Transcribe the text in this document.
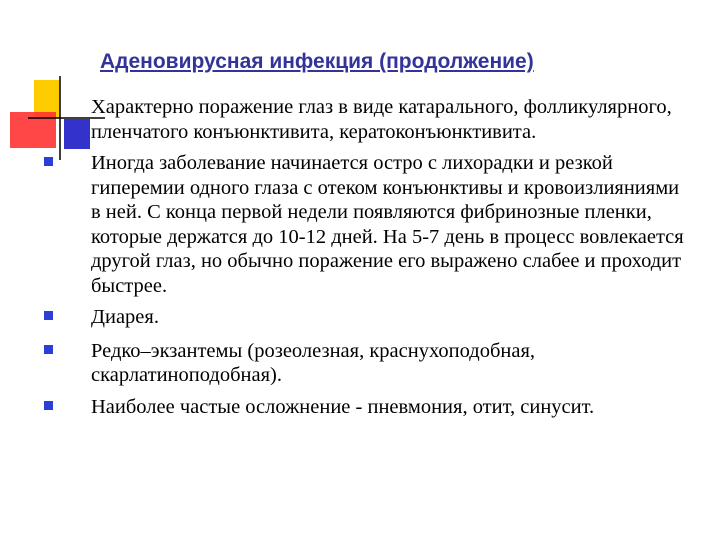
Аденовирусная инфекция (продолжение)
Характерно поражение глаз в виде катарального, фолликулярного, пленчатого конъюнктивита, кератоконъюнктивита.
Иногда заболевание начинается остро с лихорадки и резкой гиперемии одного глаза с отеком конъюнктивы и кровоизлияниями в ней. С конца первой недели появляются фибринозные пленки, которые держатся до 10-12 дней. На 5-7 день в процесс вовлекается другой глаз, но обычно поражение его выражено слабее и проходит быстрее.
Диарея.
Редко–экзантемы (розеолезная, краснухоподобная, скарлатиноподобная).
Наиболее частые осложнение - пневмония, отит, синусит.
